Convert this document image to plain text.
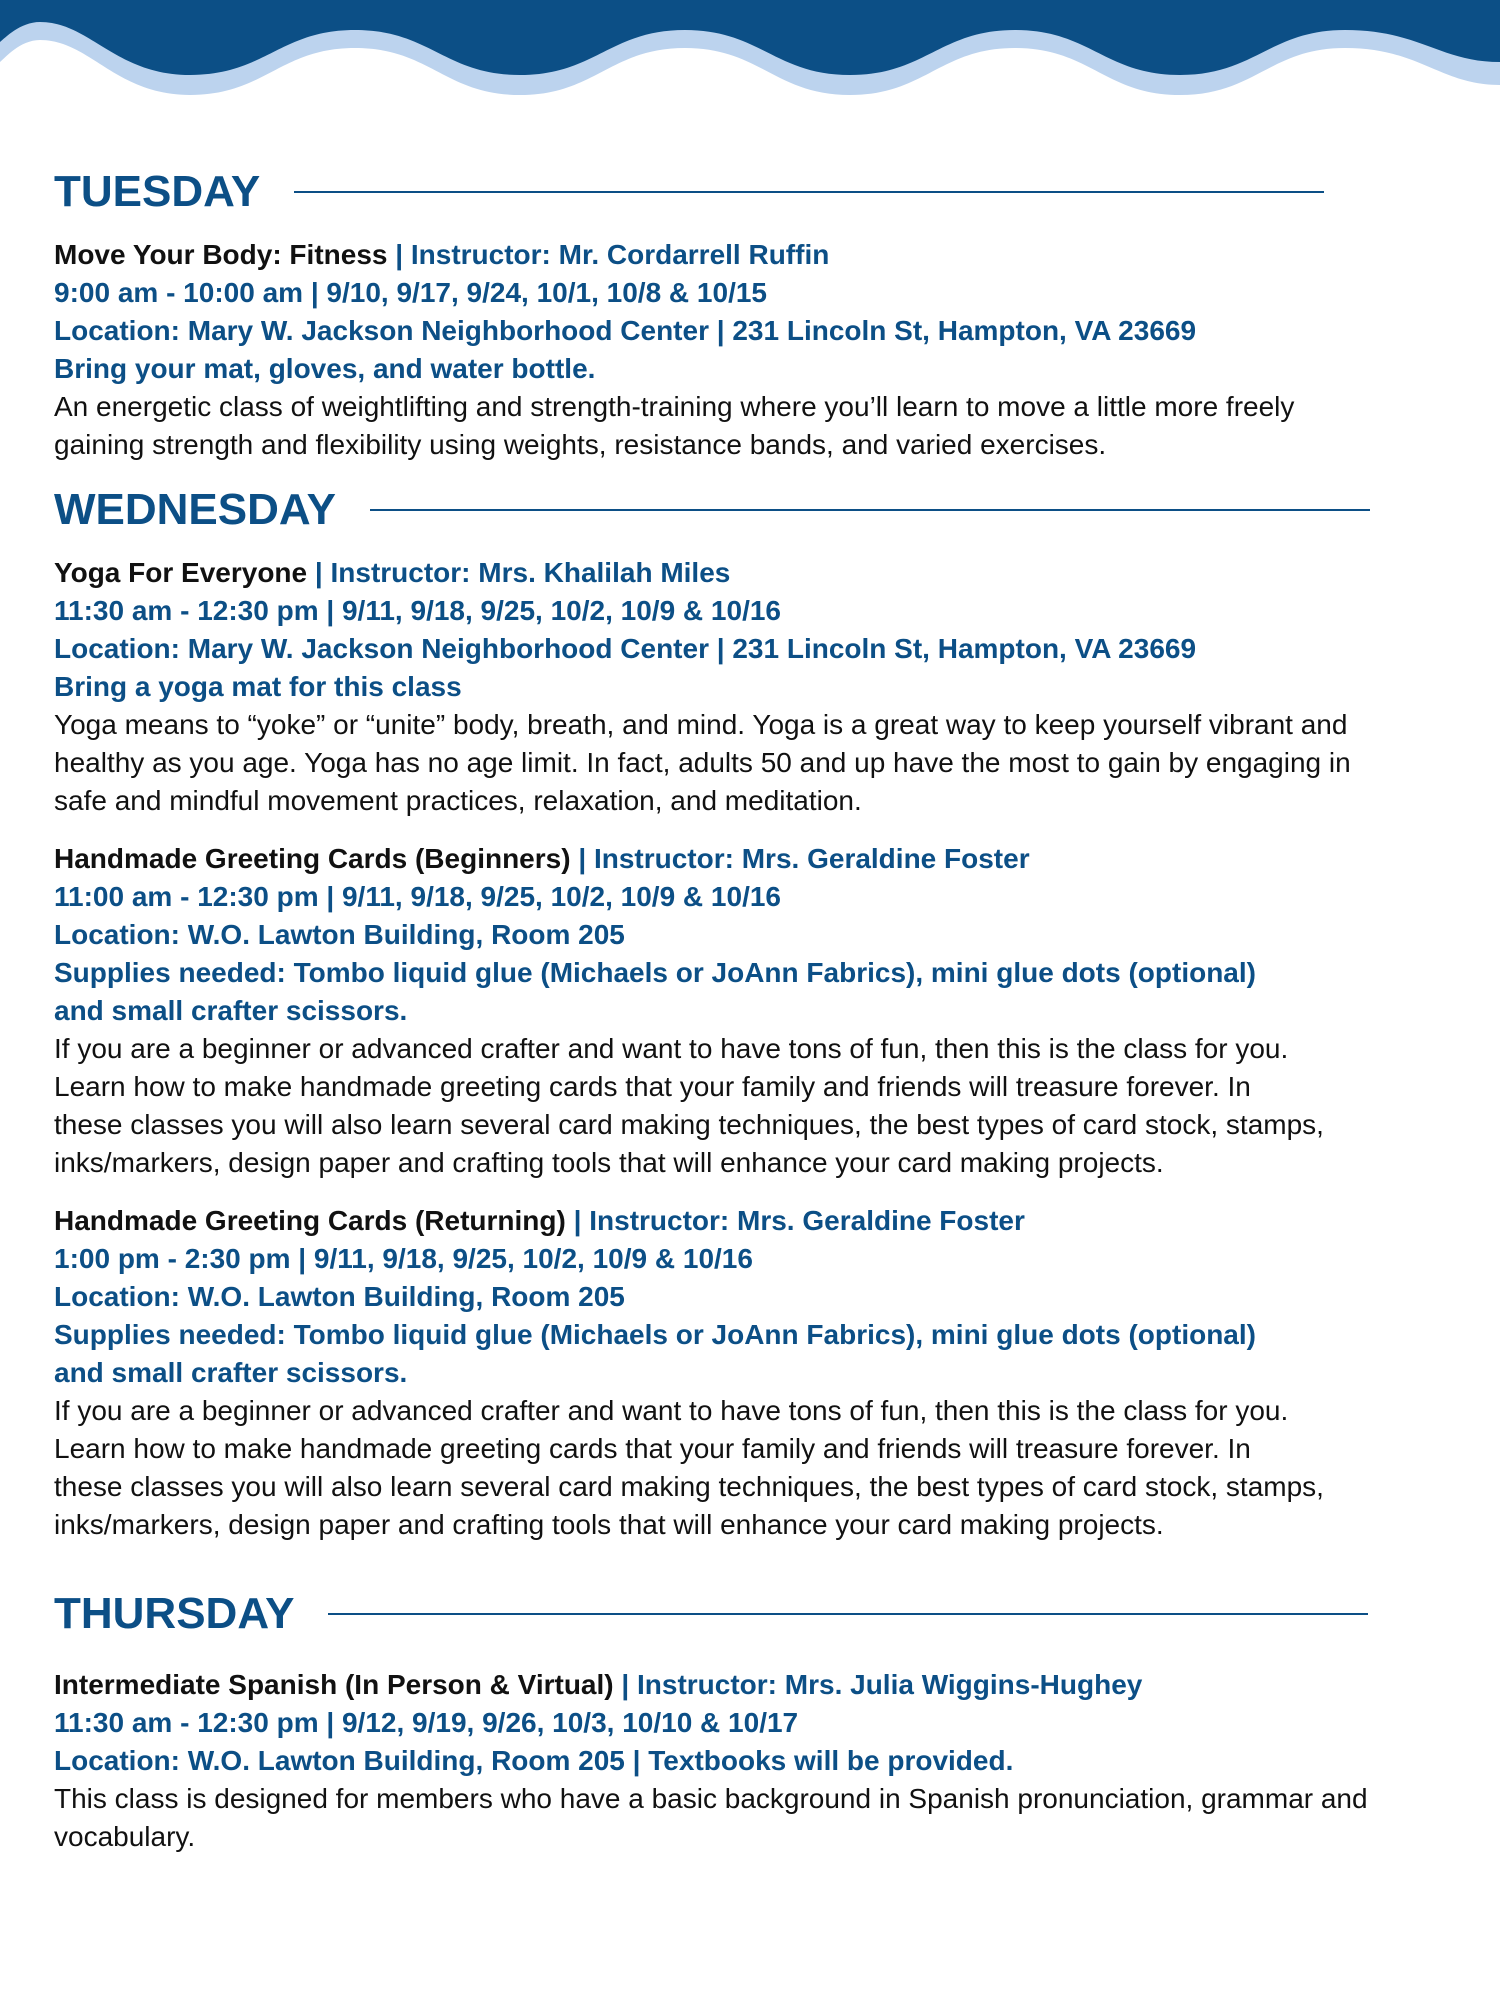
TUESDAY
Move Your Body: Fitness | Instructor: Mr. Cordarrell Ruffin
9:00 am - 10:00 am | 9/10, 9/17, 9/24, 10/1, 10/8 & 10/15
Location: Mary W. Jackson Neighborhood Center | 231 Lincoln St, Hampton, VA 23669
Bring your mat, gloves, and water bottle.
An energetic class of weightlifting and strength-training where you’ll learn to move a little more freely
gaining strength and flexibility using weights, resistance bands, and varied exercises.
WEDNESDAY
Yoga For Everyone | Instructor: Mrs. Khalilah Miles
11:30 am - 12:30 pm | 9/11, 9/18, 9/25, 10/2, 10/9 & 10/16
Location: Mary W. Jackson Neighborhood Center | 231 Lincoln St, Hampton, VA 23669
Bring a yoga mat for this class
Yoga means to “yoke” or “unite” body, breath, and mind. Yoga is a great way to keep yourself vibrant and
healthy as you age. Yoga has no age limit. In fact, adults 50 and up have the most to gain by engaging in
safe and mindful movement practices, relaxation, and meditation.
Handmade Greeting Cards (Beginners) | Instructor: Mrs. Geraldine Foster
11:00 am - 12:30 pm | 9/11, 9/18, 9/25, 10/2, 10/9 & 10/16
Location: W.O. Lawton Building, Room 205
Supplies needed: Tombo liquid glue (Michaels or JoAnn Fabrics), mini glue dots (optional)
and small crafter scissors.
If you are a beginner or advanced crafter and want to have tons of fun, then this is the class for you.
Learn how to make handmade greeting cards that your family and friends will treasure forever. In
these classes you will also learn several card making techniques, the best types of card stock, stamps,
inks/markers, design paper and crafting tools that will enhance your card making projects.
Handmade Greeting Cards (Returning) | Instructor: Mrs. Geraldine Foster
1:00 pm - 2:30 pm | 9/11, 9/18, 9/25, 10/2, 10/9 & 10/16
Location: W.O. Lawton Building, Room 205
Supplies needed: Tombo liquid glue (Michaels or JoAnn Fabrics), mini glue dots (optional)
and small crafter scissors.
If you are a beginner or advanced crafter and want to have tons of fun, then this is the class for you.
Learn how to make handmade greeting cards that your family and friends will treasure forever. In
these classes you will also learn several card making techniques, the best types of card stock, stamps,
inks/markers, design paper and crafting tools that will enhance your card making projects.
THURSDAY
Intermediate Spanish (In Person & Virtual) | Instructor: Mrs. Julia Wiggins-Hughey
11:30 am - 12:30 pm | 9/12, 9/19, 9/26, 10/3, 10/10 & 10/17
Location: W.O. Lawton Building, Room 205 | Textbooks will be provided.
This class is designed for members who have a basic background in Spanish pronunciation, grammar and
vocabulary.
